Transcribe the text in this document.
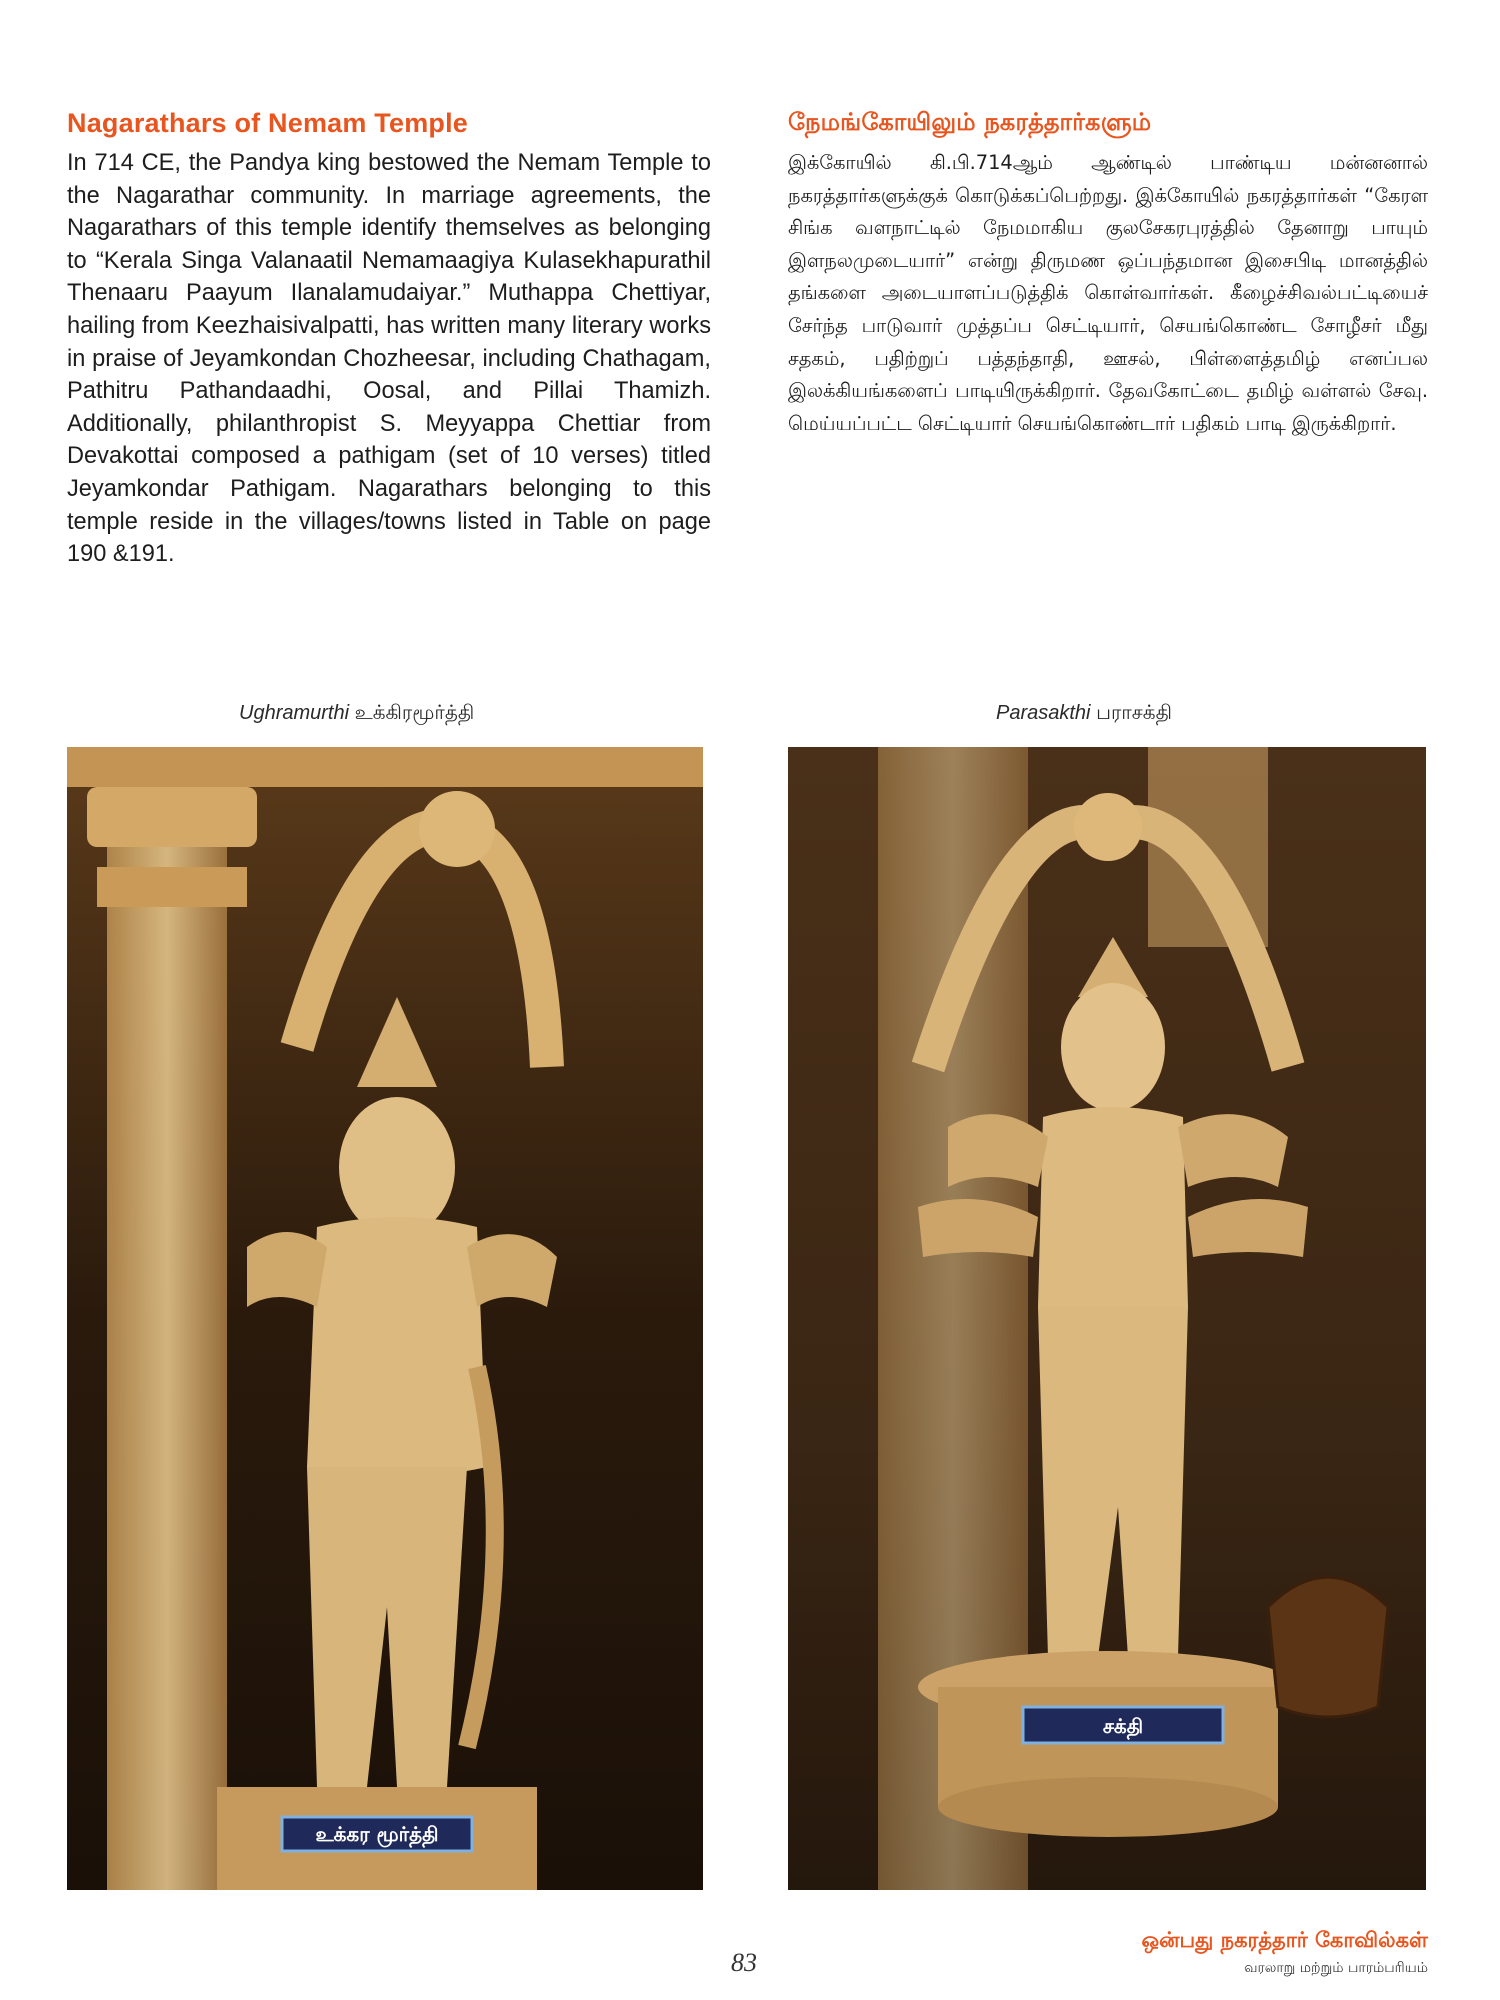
Nagarathars of Nemam Temple

In 714 CE, the Pandya king bestowed the Nemam Temple to the Nagarathar community. In marriage agreements, the Nagarathars of this temple identify themselves as belonging to “Kerala Singa Valanaatil Nemamaagiya Kulasekhapurathil Thenaaru Paayum Ilanalamudaiyar.” Muthappa Chettiyar, hailing from Keezhaisivalpatti, has written many literary works in praise of Jeyamkondan Chozheesar, including Chathagam, Pathitru Pathandaadhi, Oosal, and Pillai Thamizh. Additionally, philanthropist S. Meyyappa Chettiar from Devakottai composed a pathigam (set of 10 verses) titled Jeyamkondar Pathigam. Nagarathars belonging to this temple reside in the villages/towns listed in Table on page 190 &191.

நேமங்கோயிலும் நகரத்தார்களும்

இக்கோயில் கி.பி.714ஆம் ஆண்டில் பாண்டிய மன்னனால் நகரத்தார்களுக்குக் கொடுக்கப்பெற்றது. இக்கோயில் நகரத்தார்கள் “கேரள சிங்க வளநாட்டில் நேமமாகிய குலசேகரபுரத்தில் தேனாறு பாயும் இளநலமுடையார்” என்று திருமண ஒப்பந்தமான இசைபிடி மானத்தில் தங்களை அடையாளப்படுத்திக் கொள்வார்கள். கீழைச்சிவல்பட்டியைச் சேர்ந்த பாடுவார் முத்தப்ப செட்டியார், செயங்கொண்ட சோழீசர் மீது சதகம், பதிற்றுப் பத்தந்தாதி, ஊசல், பிள்ளைத்தமிழ் எனப்பல இலக்கியங்களைப் பாடியிருக்கிறார். தேவகோட்டை தமிழ் வள்ளல் சேவு. மெய்யப்பட்ட செட்டியார் செயங்கொண்டார் பதிகம் பாடி இருக்கிறார்.

Ughramurthi உக்கிரமூர்த்தி	Parasakthi பராசக்தி
உக்கர மூர்த்தி
சக்தி
83
ஒன்பது நகரத்தார் கோவில்கள்
வரலாறு மற்றும் பாரம்பரியம்
